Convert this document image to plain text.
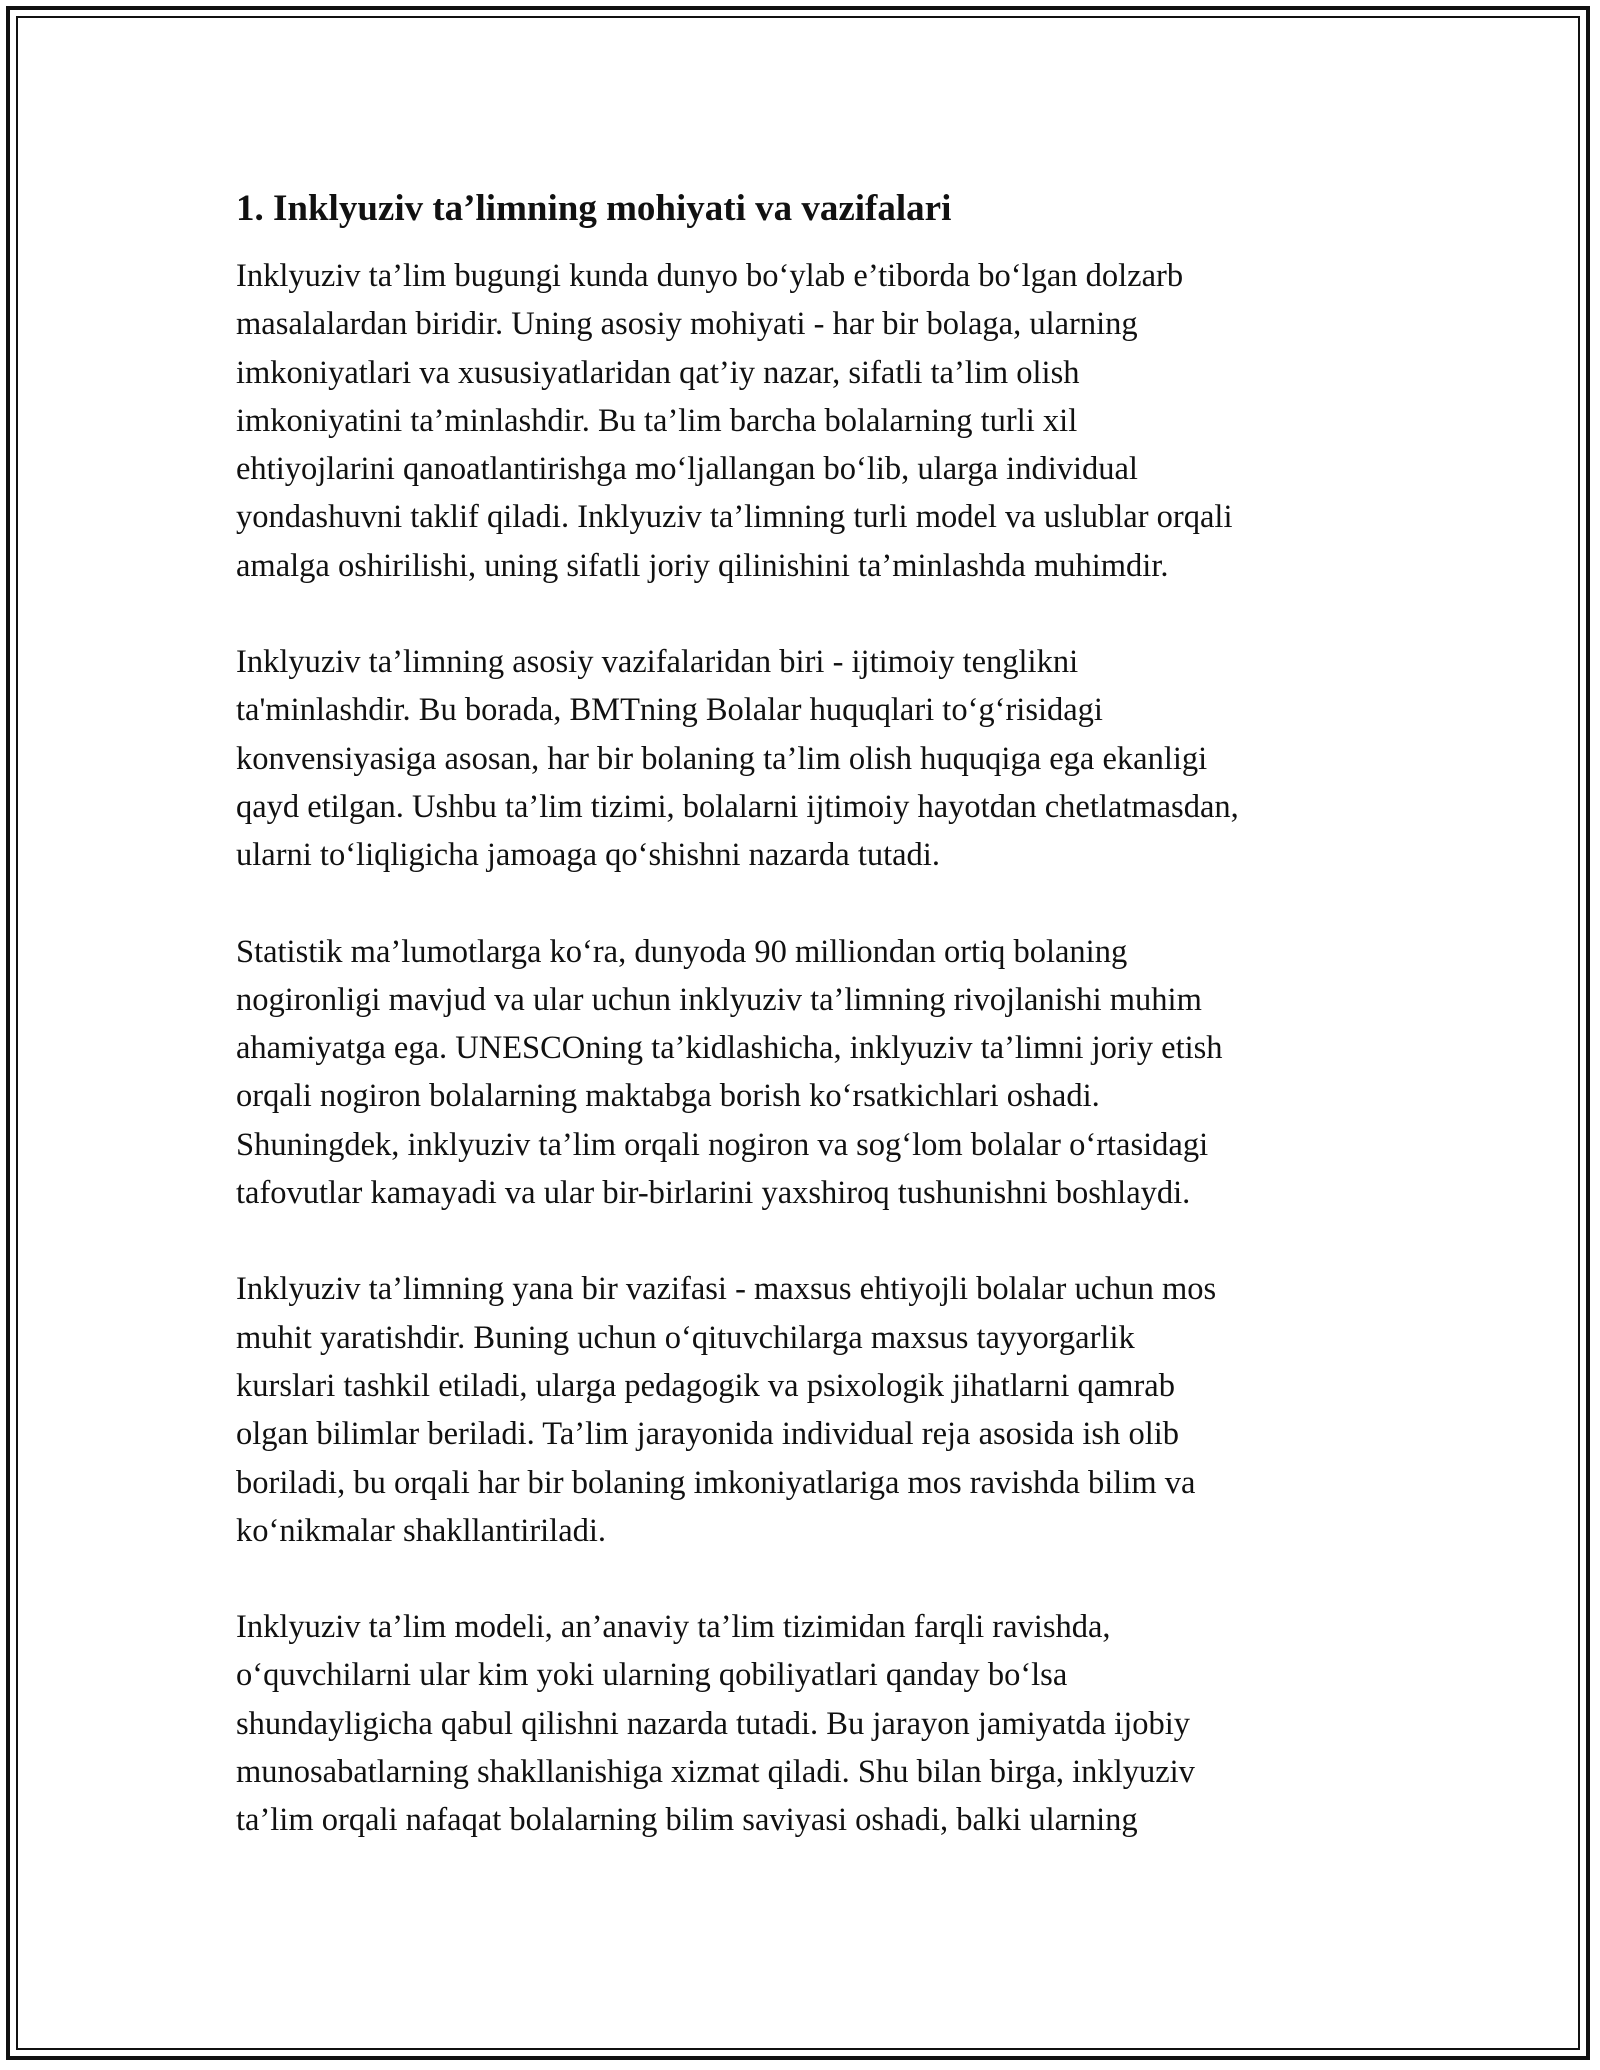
1. Inklyuziv ta’limning mohiyati va vazifalari

Inklyuziv ta’lim bugungi kunda dunyo bo‘ylab e’tiborda bo‘lgan dolzarb
masalalardan biridir. Uning asosiy mohiyati - har bir bolaga, ularning
imkoniyatlari va xususiyatlaridan qat’iy nazar, sifatli ta’lim olish
imkoniyatini ta’minlashdir. Bu ta’lim barcha bolalarning turli xil
ehtiyojlarini qanoatlantirishga mo‘ljallangan bo‘lib, ularga individual
yondashuvni taklif qiladi. Inklyuziv ta’limning turli model va uslublar orqali
amalga oshirilishi, uning sifatli joriy qilinishini ta’minlashda muhimdir.

Inklyuziv ta’limning asosiy vazifalaridan biri - ijtimoiy tenglikni
ta'minlashdir. Bu borada, BMTning Bolalar huquqlari to‘g‘risidagi
konvensiyasiga asosan, har bir bolaning ta’lim olish huquqiga ega ekanligi
qayd etilgan. Ushbu ta’lim tizimi, bolalarni ijtimoiy hayotdan chetlatmasdan,
ularni to‘liqligicha jamoaga qo‘shishni nazarda tutadi.

Statistik ma’lumotlarga ko‘ra, dunyoda 90 milliondan ortiq bolaning
nogironligi mavjud va ular uchun inklyuziv ta’limning rivojlanishi muhim
ahamiyatga ega. UNESCOning ta’kidlashicha, inklyuziv ta’limni joriy etish
orqali nogiron bolalarning maktabga borish ko‘rsatkichlari oshadi.
Shuningdek, inklyuziv ta’lim orqali nogiron va sog‘lom bolalar o‘rtasidagi
tafovutlar kamayadi va ular bir-birlarini yaxshiroq tushunishni boshlaydi.

Inklyuziv ta’limning yana bir vazifasi - maxsus ehtiyojli bolalar uchun mos
muhit yaratishdir. Buning uchun o‘qituvchilarga maxsus tayyorgarlik
kurslari tashkil etiladi, ularga pedagogik va psixologik jihatlarni qamrab
olgan bilimlar beriladi. Ta’lim jarayonida individual reja asosida ish olib
boriladi, bu orqali har bir bolaning imkoniyatlariga mos ravishda bilim va
ko‘nikmalar shakllantiriladi.

Inklyuziv ta’lim modeli, an’anaviy ta’lim tizimidan farqli ravishda,
o‘quvchilarni ular kim yoki ularning qobiliyatlari qanday bo‘lsa
shundayligicha qabul qilishni nazarda tutadi. Bu jarayon jamiyatda ijobiy
munosabatlarning shakllanishiga xizmat qiladi. Shu bilan birga, inklyuziv
ta’lim orqali nafaqat bolalarning bilim saviyasi oshadi, balki ularning
